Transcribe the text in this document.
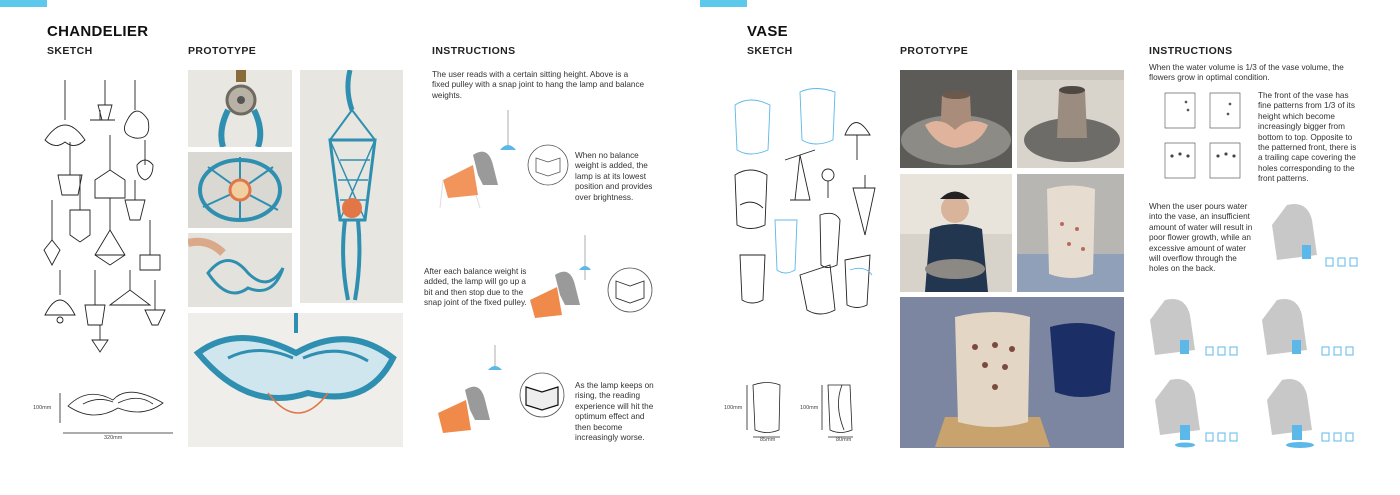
CHANDELIER
SKETCH	PROTOTYPE	INSTRUCTIONS
100mm
320mm
The user reads with a certain sitting height. Above is a fixed pulley with a snap joint to hang the lamp and balance weights.
When no balance weight is added, the lamp is at its lowest position and provides over brightness.
After each balance weight is added, the lamp will go up a bit and then stop due to the snap joint of the fixed pulley.
As the lamp keeps on rising, the reading experience will hit the optimum effect and then become increasingly worse.
VASE
SKETCH	PROTOTYPE	INSTRUCTIONS
100mm
85mm
100mm
80mm
When the water volume is 1/3 of the vase volume, the flowers grow in optimal condition.
The front of the vase has fine patterns from 1/3 of its height which become increasingly bigger from bottom to top. Opposite to the patterned front, there is a trailing cape covering the holes corresponding to the front patterns.
When the user pours water into the vase, an insufficient amount of water will result in poor flower growth, while an excessive amount of water will overflow through the holes on the back.
